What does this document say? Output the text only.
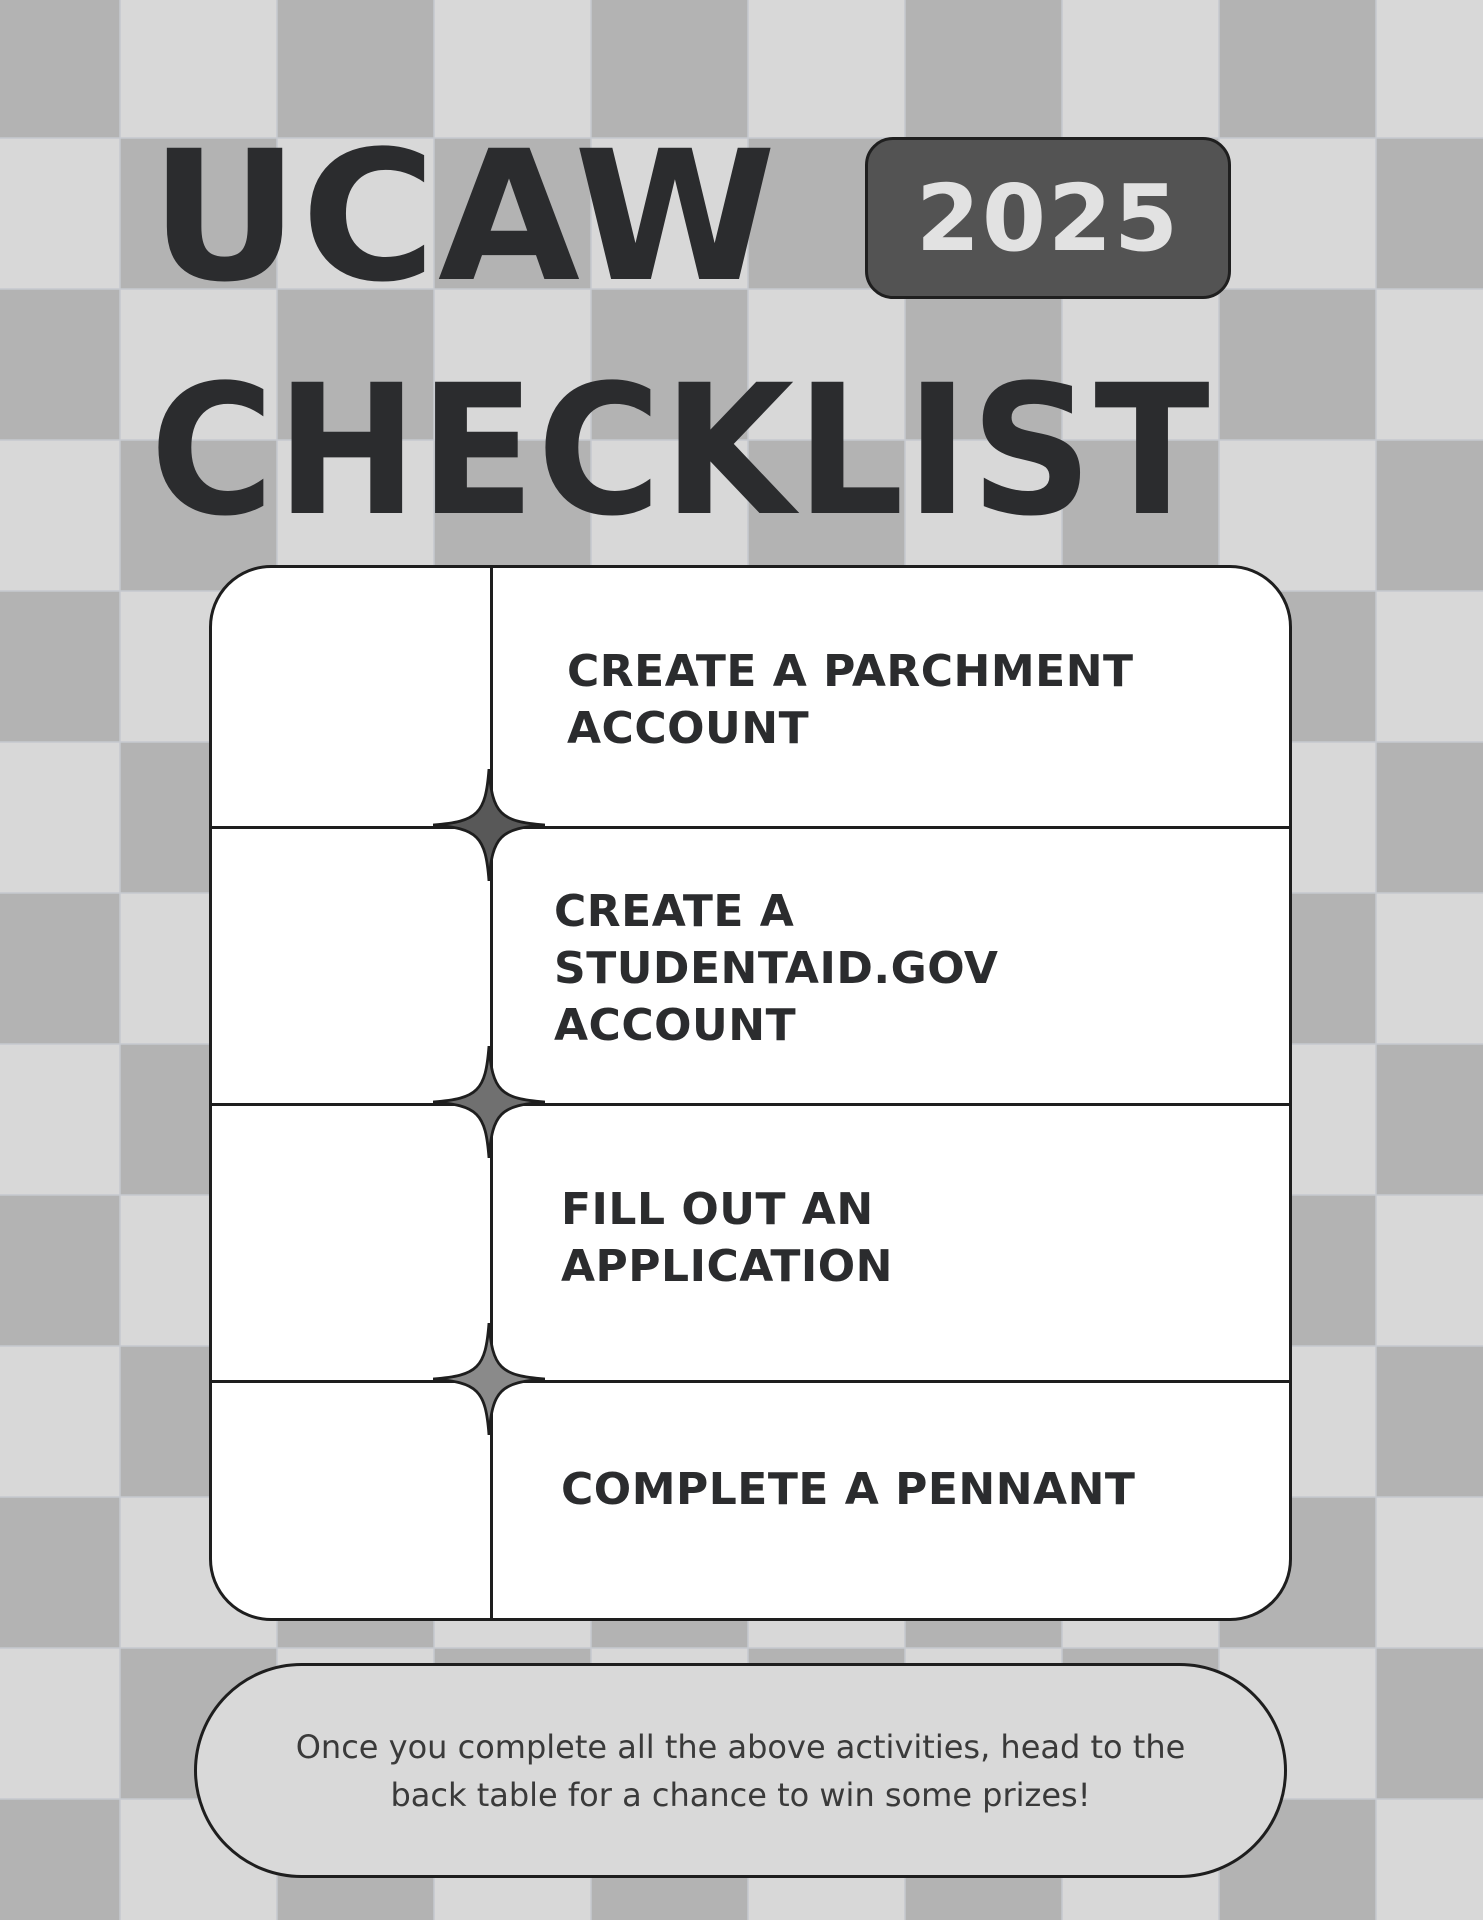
UCAW 2025
CHECKLIST

CREATE A PARCHMENT
ACCOUNT

CREATE A
STUDENTAID.GOV
ACCOUNT

FILL OUT AN
APPLICATION

COMPLETE A PENNANT

Once you complete all the above activities, head to the back table for a chance to win some prizes!
